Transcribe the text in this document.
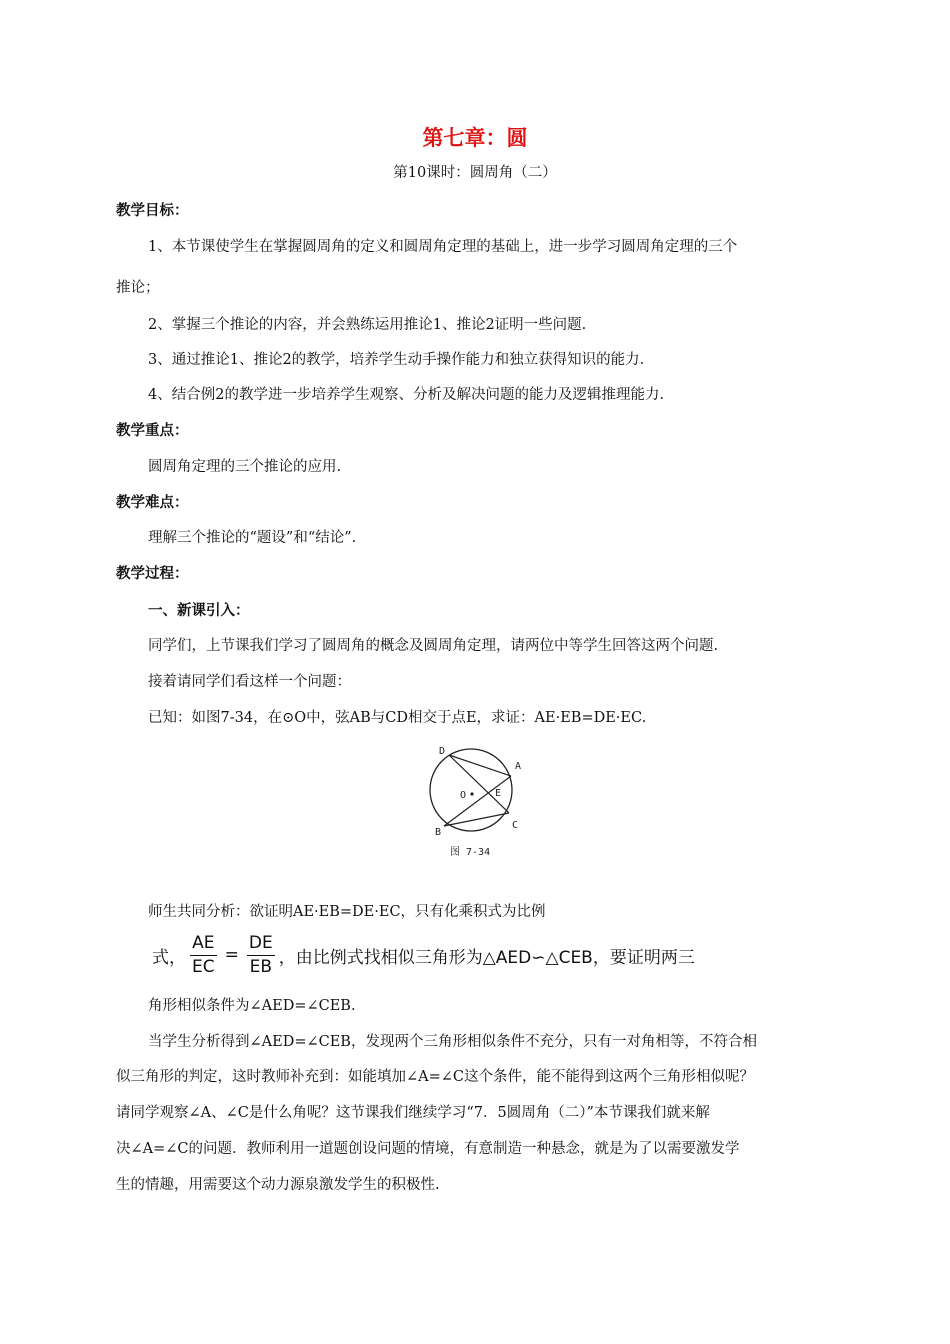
第七章：圆
第10课时：圆周角（二）
教学目标：
1、本节课使学生在掌握圆周角的定义和圆周角定理的基础上，进一步学习圆周角定理的三个
推论；
2、掌握三个推论的内容，并会熟练运用推论1、推论2证明一些问题.
3、通过推论1、推论2的教学，培养学生动手操作能力和独立获得知识的能力.
4、结合例2的教学进一步培养学生观察、分析及解决问题的能力及逻辑推理能力.
教学重点：
圆周角定理的三个推论的应用.
教学难点：
理解三个推论的“题设”和“结论”.
教学过程：
一、新课引入：
同学们，上节课我们学习了圆周角的概念及圆周角定理，请两位中等学生回答这两个问题.
接着请同学们看这样一个问题：
已知：如图7-34，在⊙O中，弦AB与CD相交于点E，求证：AE·EB=DE·EC.
D
A
O	E
B
C
图 7-34
师生共同分析：欲证明AE·EB=DE·EC，只有化乘积式为比例
式， $\frac{AE}{EC} = \frac{DE}{EB}$ ，由比例式找相似三角形为△AED∽△CEB，要证明两三
角形相似条件为∠AED=∠CEB.
当学生分析得到∠AED=∠CEB，发现两个三角形相似条件不充分，只有一对角相等，不符合相
似三角形的判定，这时教师补充到：如能填加∠A=∠C这个条件，能不能得到这两个三角形相似呢？
请同学观察∠A、∠C是什么角呢？这节课我们继续学习“7．5圆周角（二）”本节课我们就来解
决∠A=∠C的问题．教师利用一道题创设问题的情境，有意制造一种悬念，就是为了以需要激发学
生的情趣，用需要这个动力源泉激发学生的积极性.
